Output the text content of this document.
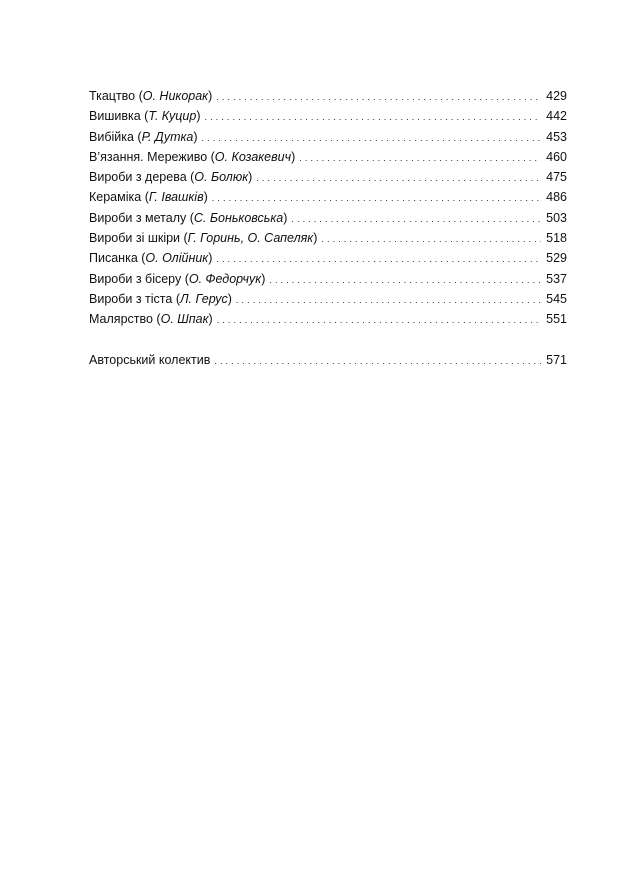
Ткацтво (О. Никорак) .....	429
Вишивка (Т. Куцир) .....	442
Вибійка (Р. Дутка) .....	453
В’язання. Мереживо (О. Козакевич) .....	460
Вироби з дерева (О. Болюк) .....	475
Кераміка (Г. Івашків) .....	486
Вироби з металу (С. Боньковська) .....	503
Вироби зі шкіри (Г. Горинь, О. Сапеляк) .....	518
Писанка (О. Олійник) .....	529
Вироби з бісеру (О. Федорчук) .....	537
Вироби з тіста (Л. Герус) .....	545
Малярство (О. Шпак) .....	551
Авторський колектив .....	571
